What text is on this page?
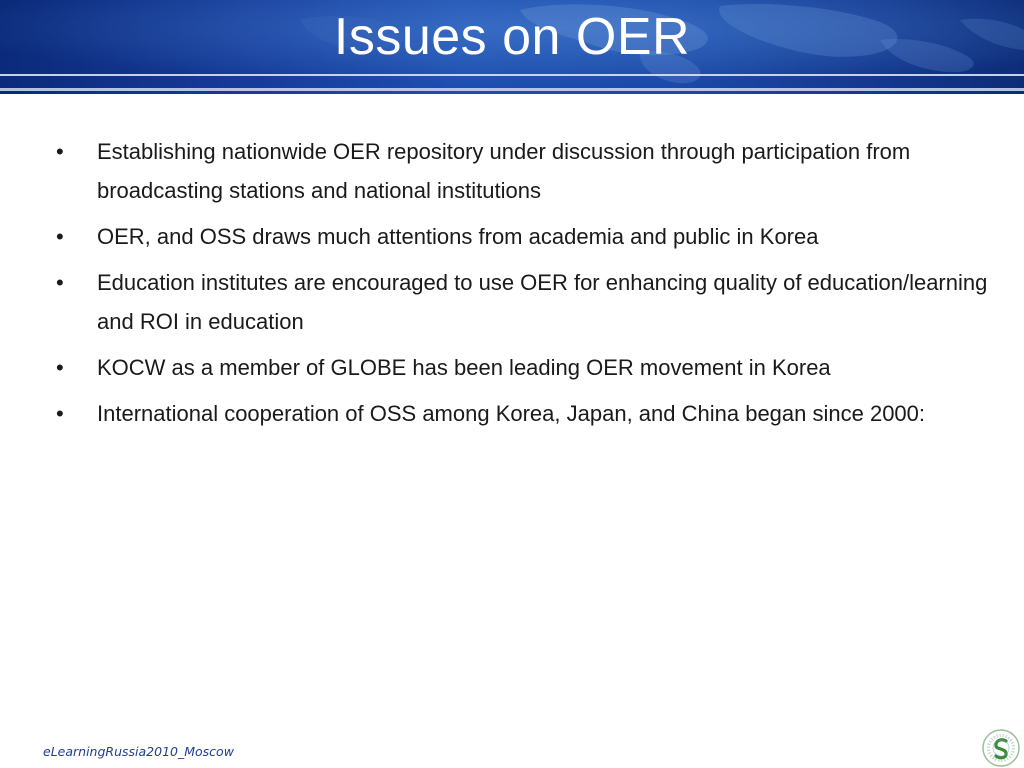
Issues on OER
•	Establishing nationwide OER repository under discussion through participation from broadcasting stations and national institutions
•	OER, and OSS draws much attentions from academia and public in Korea
•	Education institutes are encouraged to use OER for enhancing quality of education/learning and ROI in education
•	KOCW as a member of GLOBE has been leading OER movement in Korea
•	International cooperation of OSS among Korea, Japan, and China began since 2000:
eLearningRussia2010_Moscow
